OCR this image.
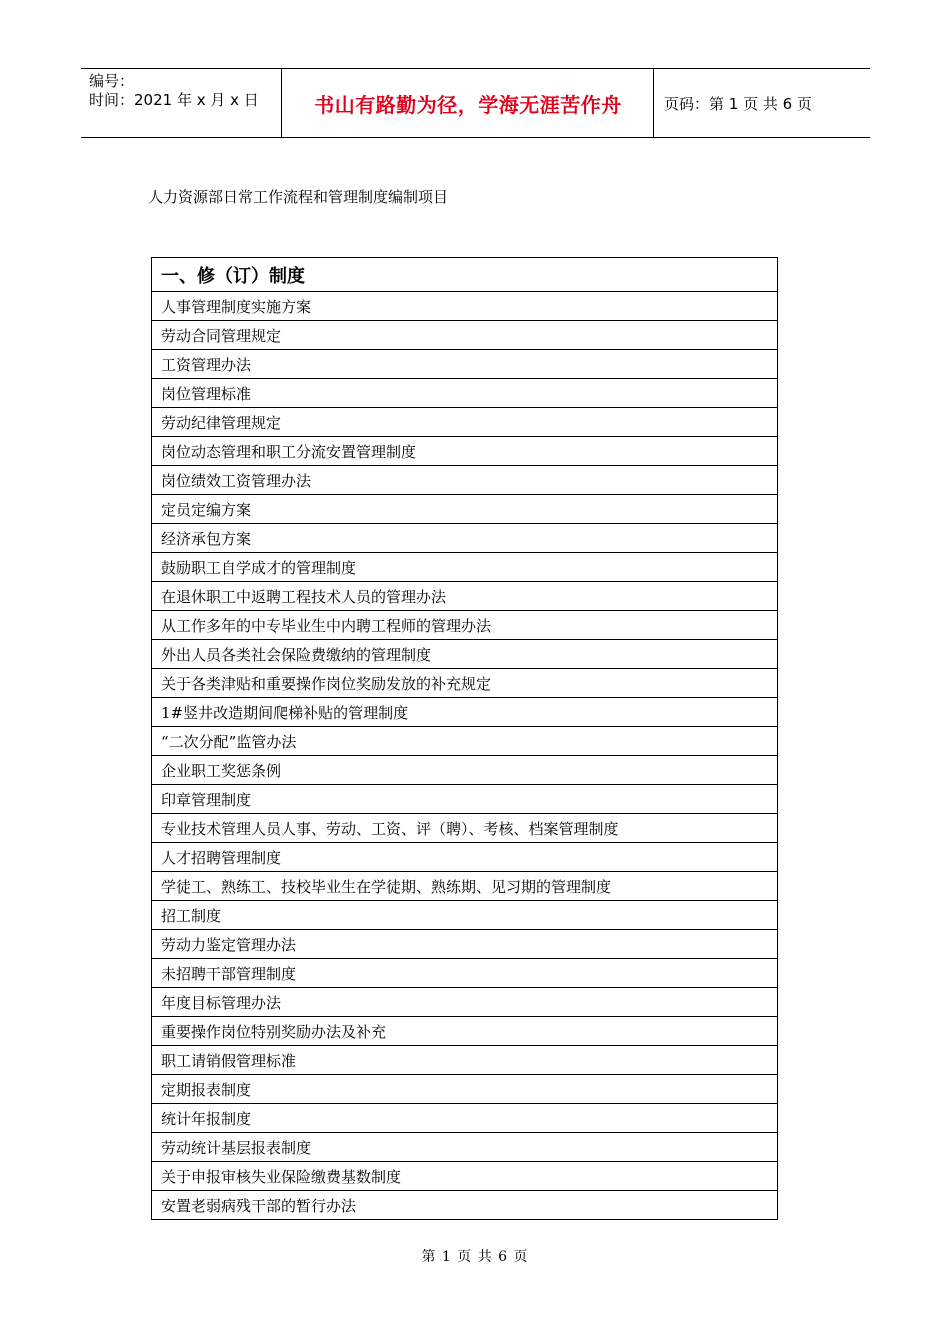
编号：
时间：2021 年 x 月 x 日	书山有路勤为径，学海无涯苦作舟	页码：第 1 页 共 6 页
人力资源部日常工作流程和管理制度编制项目
一、修（订）制度
人事管理制度实施方案
劳动合同管理规定
工资管理办法
岗位管理标准
劳动纪律管理规定
岗位动态管理和职工分流安置管理制度
岗位绩效工资管理办法
定员定编方案
经济承包方案
鼓励职工自学成才的管理制度
在退休职工中返聘工程技术人员的管理办法
从工作多年的中专毕业生中内聘工程师的管理办法
外出人员各类社会保险费缴纳的管理制度
关于各类津贴和重要操作岗位奖励发放的补充规定
1#竖井改造期间爬梯补贴的管理制度
“二次分配”监管办法
企业职工奖惩条例
印章管理制度
专业技术管理人员人事、劳动、工资、评（聘）、考核、档案管理制度
人才招聘管理制度
学徒工、熟练工、技校毕业生在学徒期、熟练期、见习期的管理制度
招工制度
劳动力鉴定管理办法
未招聘干部管理制度
年度目标管理办法
重要操作岗位特别奖励办法及补充
职工请销假管理标准
定期报表制度
统计年报制度
劳动统计基层报表制度
关于申报审核失业保险缴费基数制度
安置老弱病残干部的暂行办法
第 1 页 共 6 页
